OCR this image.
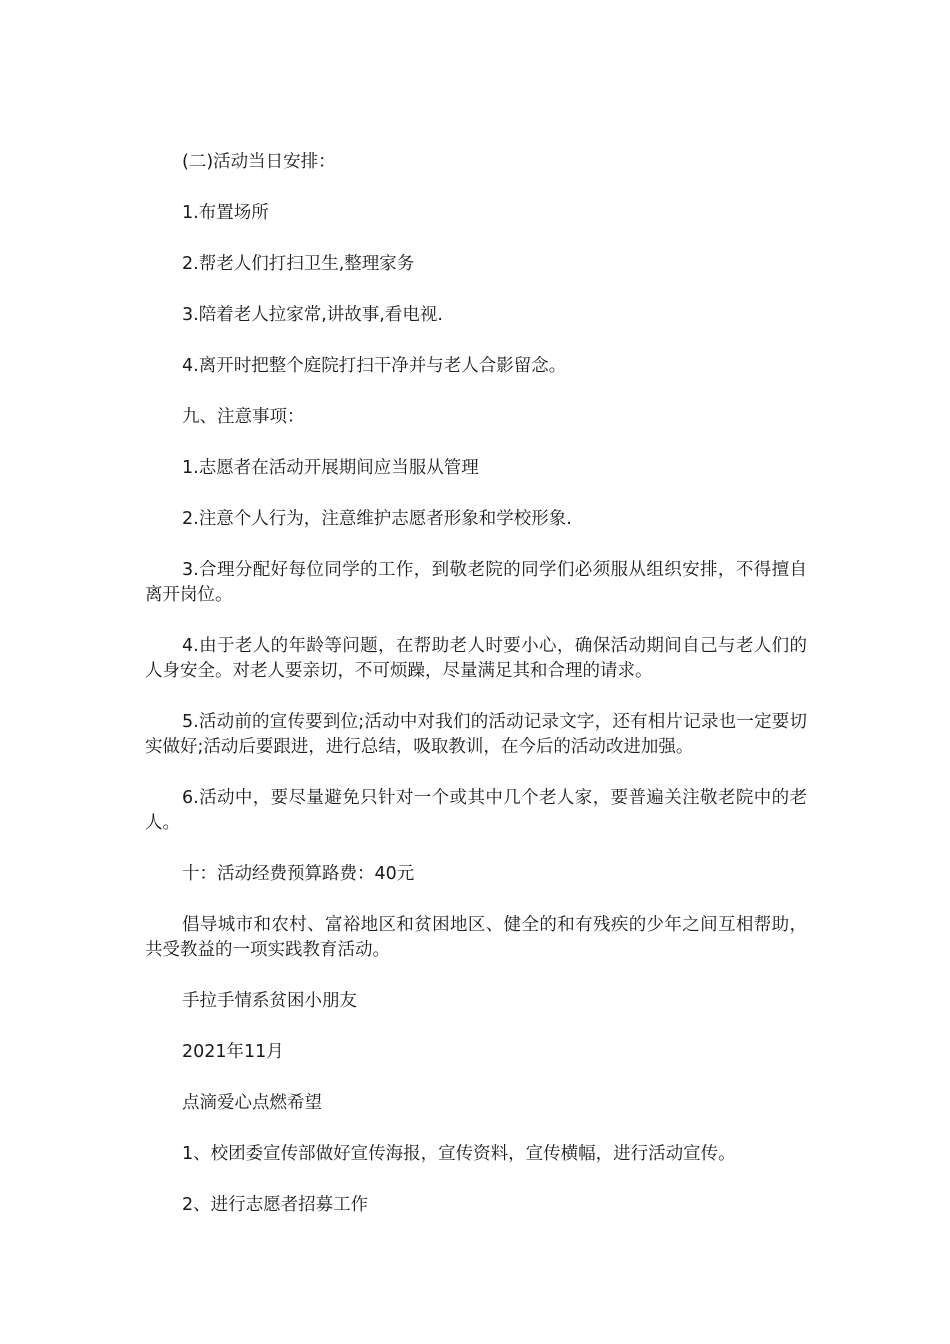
(二)活动当日安排：

1.布置场所

2.帮老人们打扫卫生,整理家务

3.陪着老人拉家常,讲故事,看电视.

4.离开时把整个庭院打扫干净并与老人合影留念。

九、注意事项：

1.志愿者在活动开展期间应当服从管理

2.注意个人行为，注意维护志愿者形象和学校形象.

3.合理分配好每位同学的工作，到敬老院的同学们必须服从组织安排，不得擅自离开岗位。

4.由于老人的年龄等问题，在帮助老人时要小心，确保活动期间自己与老人们的人身安全。对老人要亲切，不可烦躁，尽量满足其和合理的请求。

5.活动前的宣传要到位;活动中对我们的活动记录文字，还有相片记录也一定要切实做好;活动后要跟进，进行总结，吸取教训，在今后的活动改进加强。

6.活动中，要尽量避免只针对一个或其中几个老人家，要普遍关注敬老院中的老人。

十：活动经费预算路费：40元

倡导城市和农村、富裕地区和贫困地区、健全的和有残疾的少年之间互相帮助，共受教益的一项实践教育活动。

手拉手情系贫困小朋友

2021年11月

点滴爱心点燃希望

1、校团委宣传部做好宣传海报，宣传资料，宣传横幅，进行活动宣传。

2、进行志愿者招募工作
